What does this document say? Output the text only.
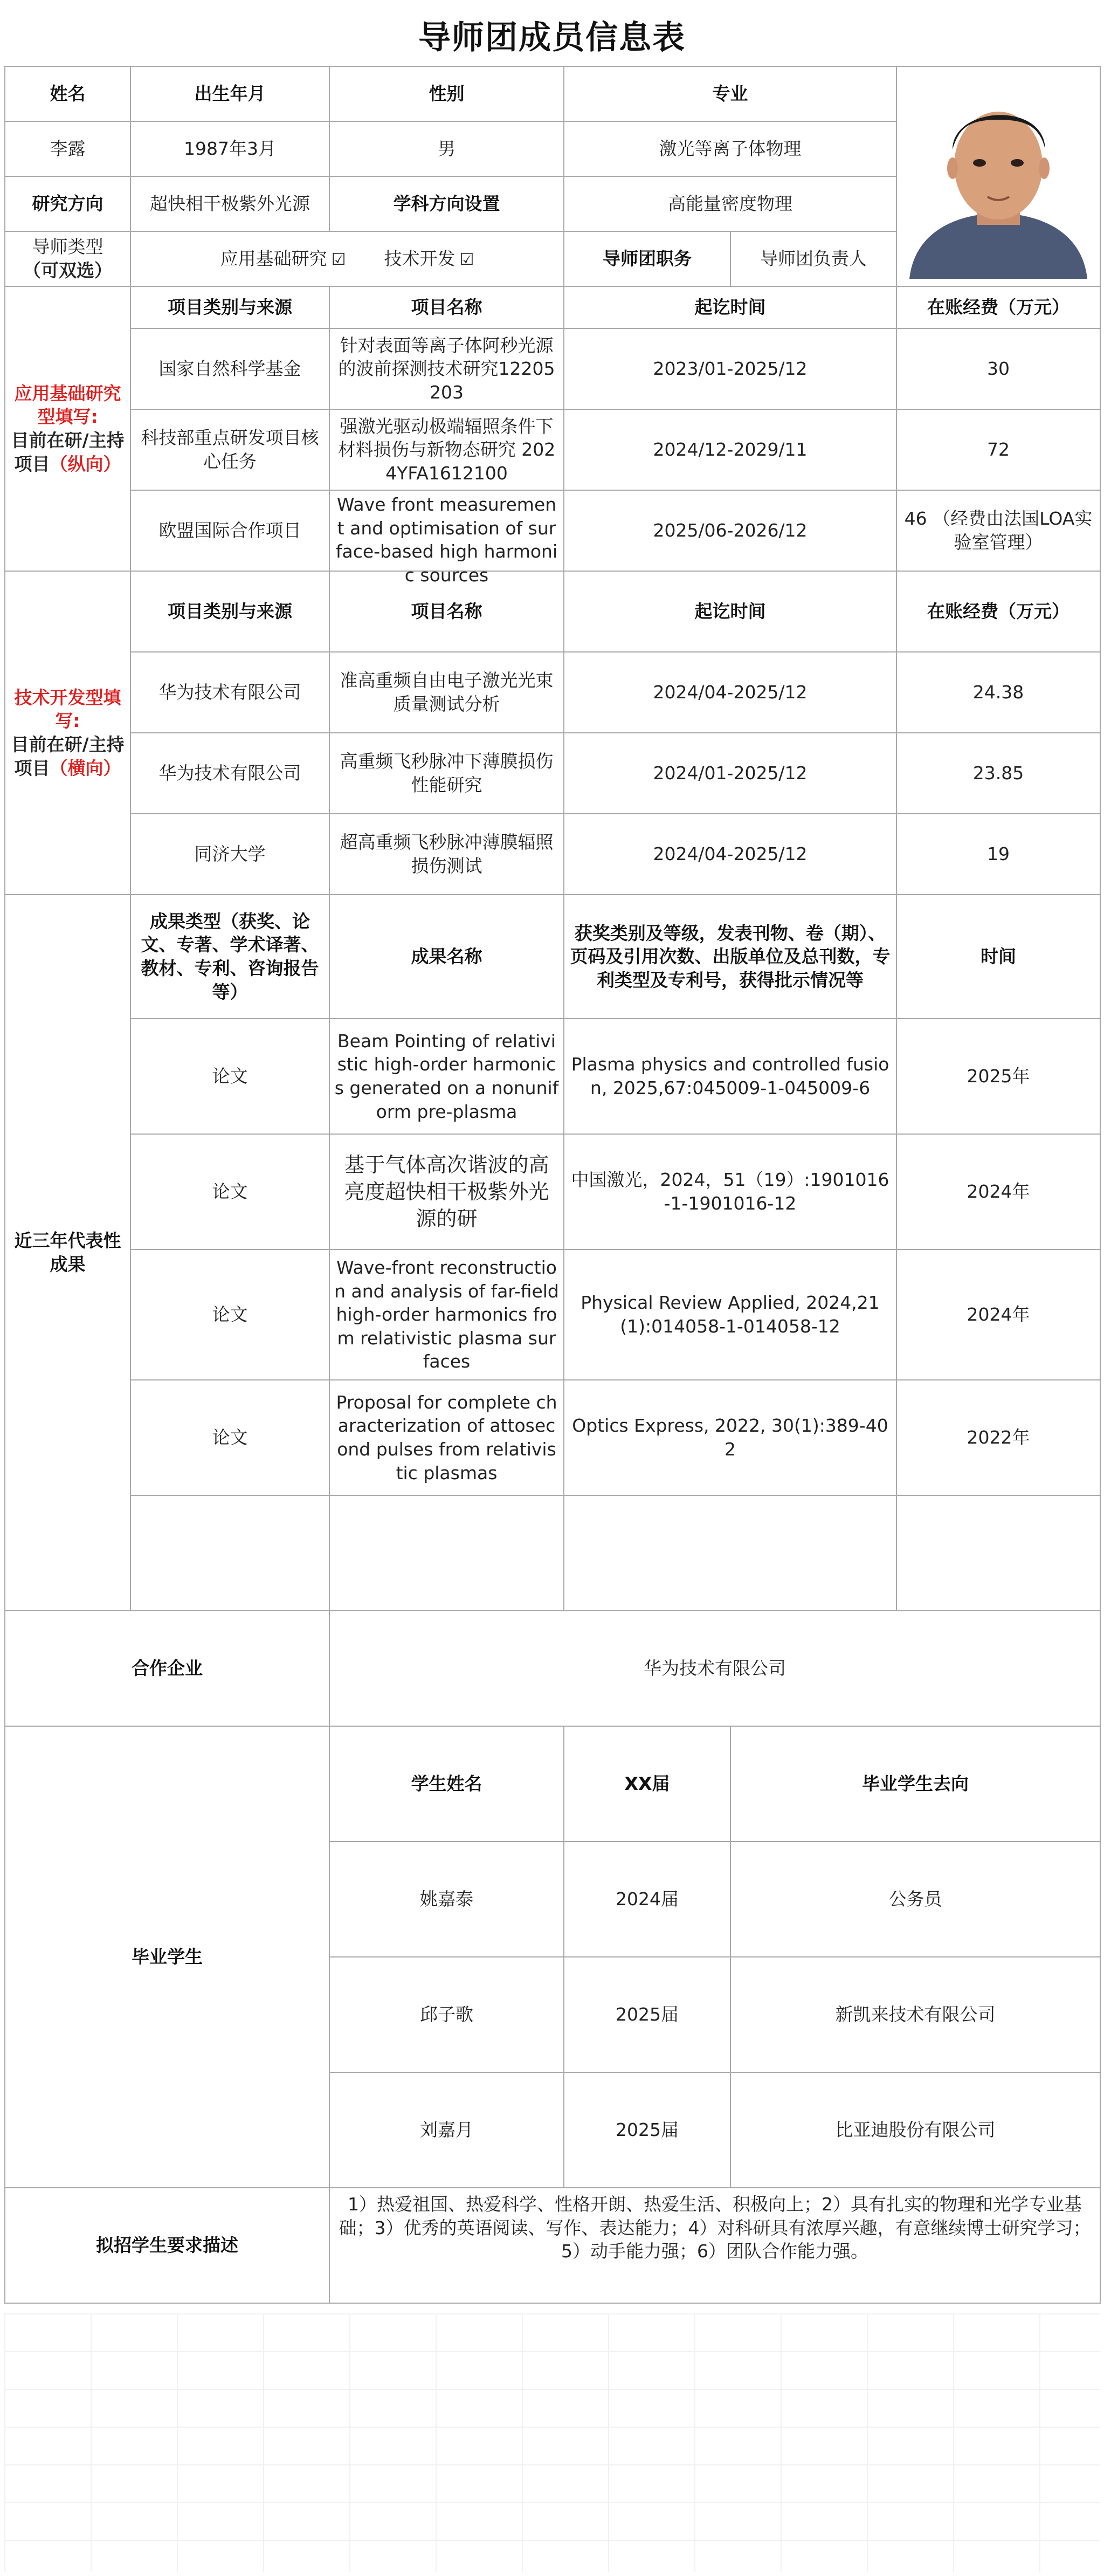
导师团成员信息表
姓名	出生年月	性别	专业	
李露	1987年3月	男	激光等离子体物理		
研究方向	超快相干极紫外光源	学科方向设置	高能量密度物理		
导师类型
（可双选）	应用基础研究 ☑ 技术开发 ☑		导师团职务	导师团负责人	
应用基础研究型填写:
目前在研/主持项目（纵向）	项目类别与来源	项目名称	起讫时间		在账经费（万元）
	国家自然科学基金	针对表面等离子体阿秒光源的波前探测技术研究12205203	2023/01-2025/12		30
	科技部重点研发项目核心任务	强激光驱动极端辐照条件下材料损伤与新物态研究 2024YFA1612100	2024/12-2029/11		72
	欧盟国际合作项目	Wave front measurement and optimisation of surface-based high harmonic sources	2025/06-2026/12		46 （经费由法国LOA实验室管理）
技术开发型填写:
目前在研/主持项目（横向）	项目类别与来源	项目名称	起讫时间		在账经费（万元）
	华为技术有限公司	准高重频自由电子激光光束质量测试分析	2024/04-2025/12		24.38
	华为技术有限公司	高重频飞秒脉冲下薄膜损伤性能研究	2024/01-2025/12		23.85
	同济大学	超高重频飞秒脉冲薄膜辐照损伤测试	2024/04-2025/12		19
近三年代表性成果	成果类型（获奖、论文、专著、学术译著、教材、专利、咨询报告等）	成果名称	获奖类别及等级，发表刊物、卷（期）、页码及引用次数、出版单位及总刊数，专利类型及专利号，获得批示情况等		时间
	论文	Beam Pointing of relativistic high-order harmonics generated on a nonuniform pre-plasma	Plasma physics and controlled fusion, 2025,67:045009-1-045009-6		2025年
	论文	基于气体高次谐波的高亮度超快相干极紫外光源的研	中国激光，2024，51（19）:1901016-1-1901016-12		2024年
	论文	Wave-front reconstruction and analysis of far-field high-order harmonics from relativistic plasma surfaces	Physical Review Applied, 2024,21(1):014058-1-014058-12		2024年
	论文	Proposal for complete characterization of attosecond pulses from relativistic plasmas	Optics Express, 2022, 30(1):389-402		2022年

合作企业		华为技术有限公司			
毕业学生		学生姓名	XX届	毕业学生去向	
		姚嘉泰	2024届	公务员	
		邱子歌	2025届	新凯来技术有限公司	
		刘嘉月	2025届	比亚迪股份有限公司	
拟招学生要求描述		1）热爱祖国、热爱科学、性格开朗、热爱生活、积极向上；2）具有扎实的物理和光学专业基础；3）优秀的英语阅读、写作、表达能力；4）对科研具有浓厚兴趣，有意继续博士研究学习；5）动手能力强；6）团队合作能力强。			
